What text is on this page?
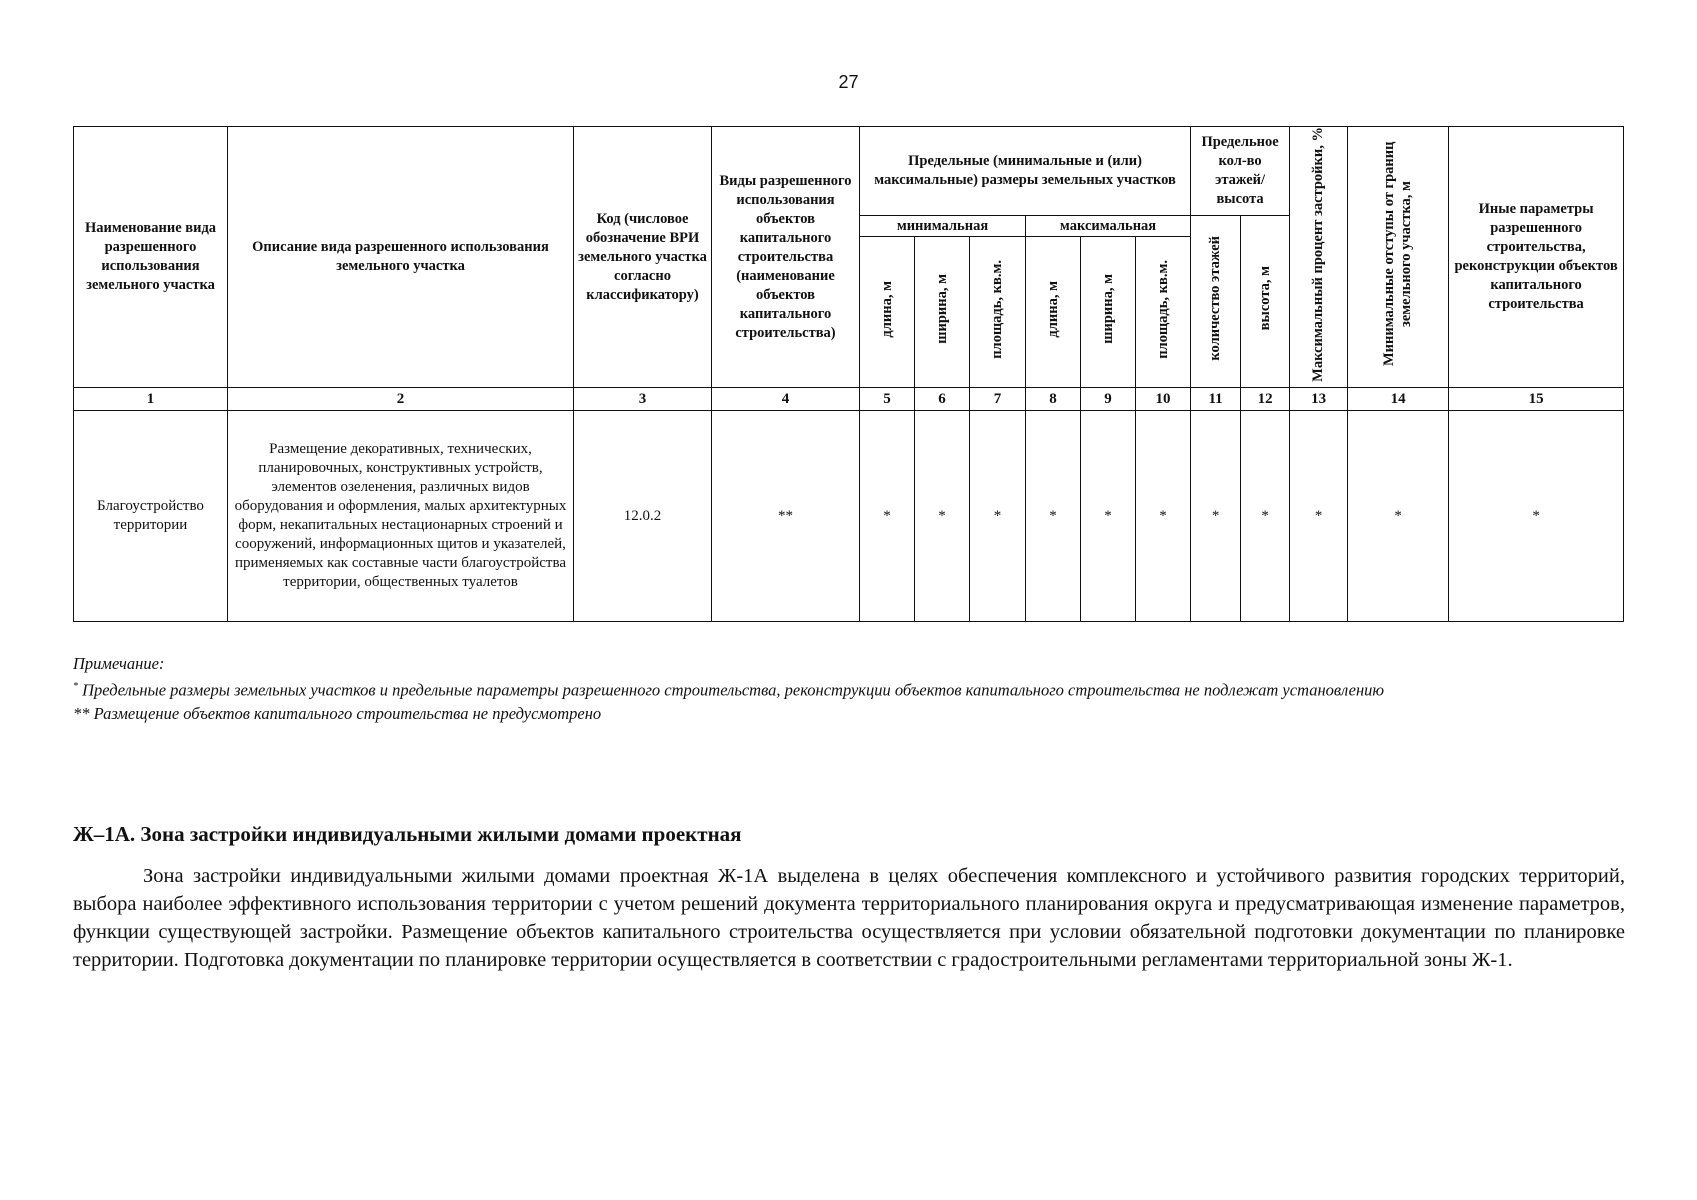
27
Наименование вида разрешенного использования земельного участка	Описание вида разрешенного использования земельного участка	Код (числовое обозначение ВРИ земельного участка согласно классификатору)	Виды разрешенного использования объектов капитального строительства (наименование объектов капитального строительства)	Предельные (минимальные и (или) максимальные) размеры земельных участков						Предельное кол-во этажей/ высота		Максимальный процент застройки, %	Минимальные отступы от границ земельного участка, м	Иные параметры разрешенного строительства, реконструкции объектов капитального строительства
				минимальная			максимальная			количество этажей	высота, м			
				длина, м	ширина, м	площадь, кв.м.	длина, м	ширина, м	площадь, кв.м.					
1	2	3	4	5	6	7	8	9	10	11	12	13	14	15
Благоустройство территории	Размещение декоративных, технических, планировочных, конструктивных устройств, элементов озеленения, различных видов оборудования и оформления, малых архитектурных форм, некапитальных нестационарных строений и сооружений, информационных щитов и указателей, применяемых как составные части благоустройства территории, общественных туалетов	12.0.2	**	*	*	*	*	*	*	*	*	*	*	*
Примечание:
* Предельные размеры земельных участков и предельные параметры разрешенного строительства, реконструкции объектов капитального строительства не подлежат установлению
** Размещение объектов капитального строительства не предусмотрено
Ж–1А. Зона застройки индивидуальными жилыми домами проектная
Зона застройки индивидуальными жилыми домами проектная Ж-1А выделена в целях обеспечения комплексного и устойчивого развития городских территорий, выбора наиболее эффективного использования территории с учетом решений документа территориального планирования округа и предусматривающая изменение параметров, функции существующей застройки. Размещение объектов капитального строительства осуществляется при условии обязательной подготовки документации по планировке территории. Подготовка документации по планировке территории осуществляется в соответствии с градостроительными регламентами территориальной зоны Ж-1.
